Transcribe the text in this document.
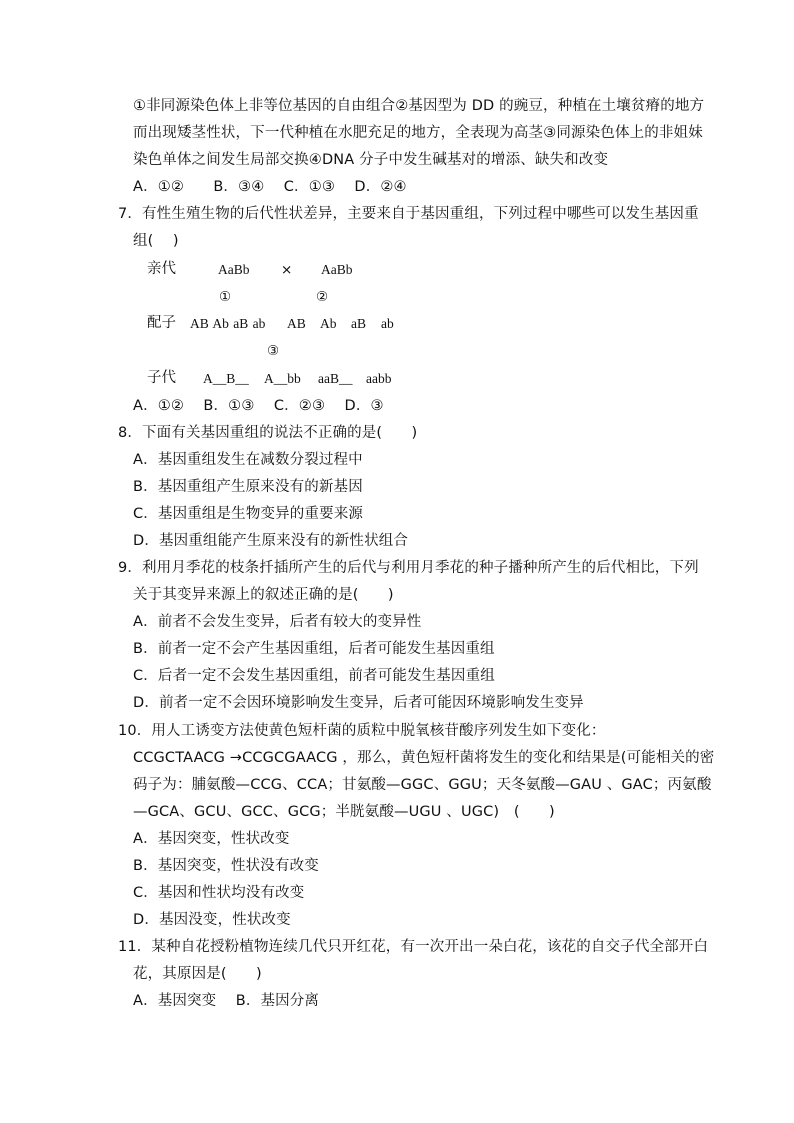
①非同源染色体上非等位基因的自由组合②基因型为 DD 的豌豆，种植在土壤贫瘠的地方
而出现矮茎性状，下一代种植在水肥充足的地方，全表现为高茎③同源染色体上的非姐妹
染色单体之间发生局部交换④DNA 分子中发生碱基对的增添、缺失和改变
A．①②　　B．③④　 C．①③　 D．②④
7．有性生殖生物的后代性状差异，主要来自于基因重组，下列过程中哪些可以发生基因重
组(　 )
亲代	AaBb × AaBb
①	②
配子 AB Ab aB ab AB Ab aB ab
③
子代 A__B__ A__bb aaB__ aabb
A．①②　 B．①③　 C．②③　 D．③
8．下面有关基因重组的说法不正确的是(　　)
A．基因重组发生在减数分裂过程中
B．基因重组产生原来没有的新基因
C．基因重组是生物变异的重要来源
D．基因重组能产生原来没有的新性状组合
9．利用月季花的枝条扦插所产生的后代与利用月季花的种子播种所产生的后代相比，下列
关于其变异来源上的叙述正确的是(　　)
A．前者不会发生变异，后者有较大的变异性
B．前者一定不会产生基因重组，后者可能发生基因重组
C．后者一定不会发生基因重组，前者可能发生基因重组
D．前者一定不会因环境影响发生变异，后者可能因环境影响发生变异
10．用人工诱变方法使黄色短杆菌的质粒中脱氧核苷酸序列发生如下变化：
CCGCTAACG →CCGCGAACG ，那么，黄色短杆菌将发生的变化和结果是(可能相关的密
码子为：脯氨酸—CCG、CCA；甘氨酸—GGC、GGU；天冬氨酸—GAU 、GAC；丙氨酸
—GCA、GCU、GCC、GCG；半胱氨酸—UGU 、UGC)　(　　)
A．基因突变，性状改变
B．基因突变，性状没有改变
C．基因和性状均没有改变
D．基因没变，性状改变
11．某种自花授粉植物连续几代只开红花，有一次开出一朵白花，该花的自交子代全部开白
花，其原因是(　　)
A．基因突变　 B．基因分离
